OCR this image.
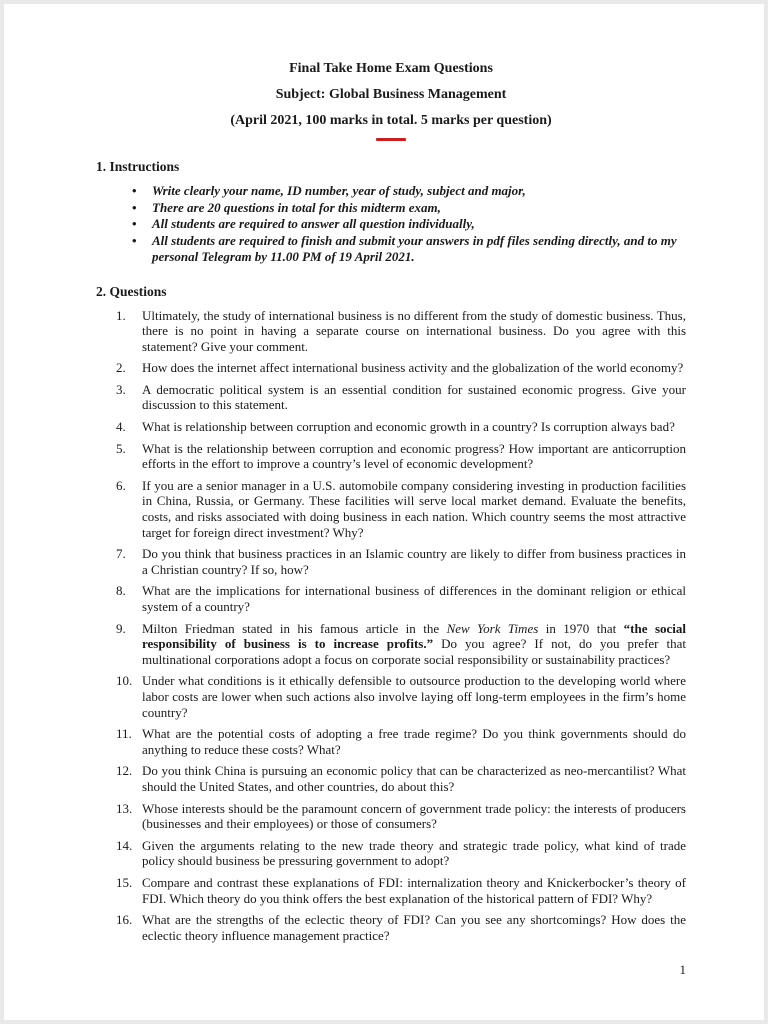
Final Take Home Exam Questions
Subject: Global Business Management
(April 2021, 100 marks in total. 5 marks per question)
1. Instructions
•	Write clearly your name, ID number, year of study, subject and major,
•	There are 20 questions in total for this midterm exam,
•	All students are required to answer all question individually,
•	All students are required to finish and submit your answers in pdf files sending directly, and to my personal Telegram by 11.00 PM of 19 April 2021.
2. Questions
1.	Ultimately, the study of international business is no different from the study of domestic business. Thus, there is no point in having a separate course on international business. Do you agree with this statement? Give your comment.
2.	How does the internet affect international business activity and the globalization of the world economy?
3.	A democratic political system is an essential condition for sustained economic progress. Give your discussion to this statement.
4.	What is relationship between corruption and economic growth in a country? Is corruption always bad?
5.	What is the relationship between corruption and economic progress? How important are anticorruption efforts in the effort to improve a country’s level of economic development?
6.	If you are a senior manager in a U.S. automobile company considering investing in production facilities in China, Russia, or Germany. These facilities will serve local market demand. Evaluate the benefits, costs, and risks associated with doing business in each nation. Which country seems the most attractive target for foreign direct investment? Why?
7.	Do you think that business practices in an Islamic country are likely to differ from business practices in a Christian country? If so, how?
8.	What are the implications for international business of differences in the dominant religion or ethical system of a country?
9.	Milton Friedman stated in his famous article in the New York Times in 1970 that “the social responsibility of business is to increase profits.” Do you agree? If not, do you prefer that multinational corporations adopt a focus on corporate social responsibility or sustainability practices?
10. Under what conditions is it ethically defensible to outsource production to the developing world where labor costs are lower when such actions also involve laying off long-term employees in the firm’s home country?
11. What are the potential costs of adopting a free trade regime? Do you think governments should do anything to reduce these costs? What?
12. Do you think China is pursuing an economic policy that can be characterized as neo-mercantilist? What should the United States, and other countries, do about this?
13. Whose interests should be the paramount concern of government trade policy: the interests of producers (businesses and their employees) or those of consumers?
14. Given the arguments relating to the new trade theory and strategic trade policy, what kind of trade policy should business be pressuring government to adopt?
15. Compare and contrast these explanations of FDI: internalization theory and Knickerbocker’s theory of FDI. Which theory do you think offers the best explanation of the historical pattern of FDI? Why?
16. What are the strengths of the eclectic theory of FDI? Can you see any shortcomings? How does the eclectic theory influence management practice?
1
